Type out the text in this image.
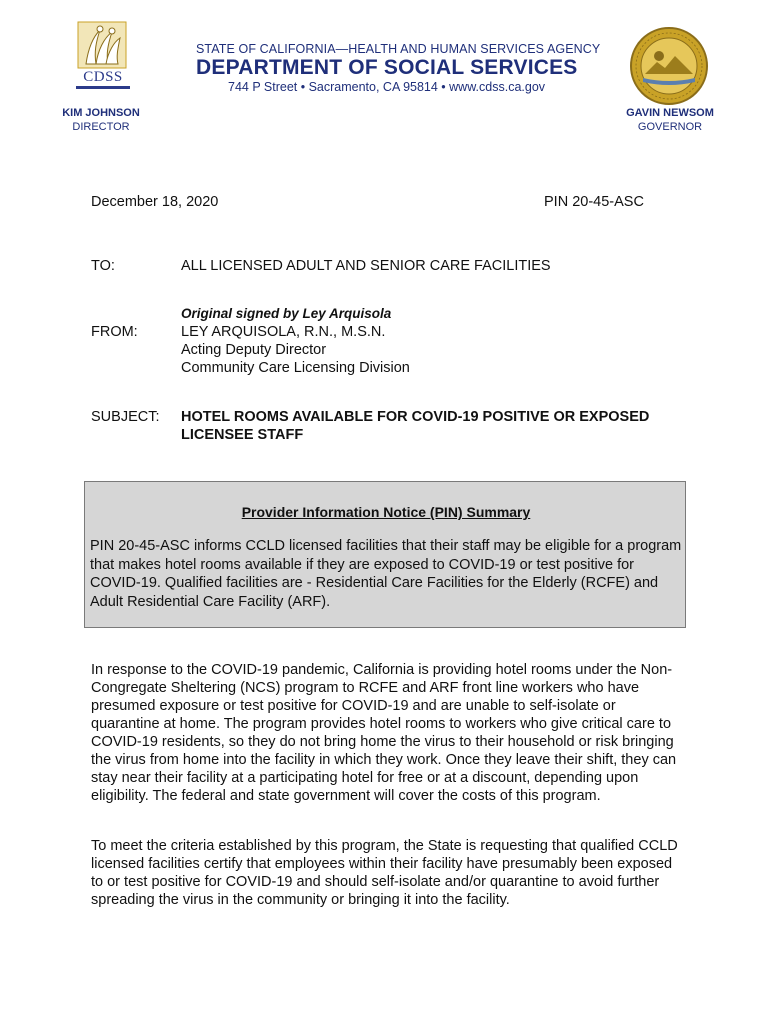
CDSS
STATE OF CALIFORNIA—HEALTH AND HUMAN SERVICES AGENCY
DEPARTMENT OF SOCIAL SERVICES
744 P Street • Sacramento, CA 95814 • www.cdss.ca.gov
KIM JOHNSON
DIRECTOR
GAVIN NEWSOM
GOVERNOR
December 18, 2020	PIN 20-45-ASC
TO:	ALL LICENSED ADULT AND SENIOR CARE FACILITIES
Original signed by Ley Arquisola
FROM:	LEY ARQUISOLA, R.N., M.S.N.
Acting Deputy Director
Community Care Licensing Division
SUBJECT: HOTEL ROOMS AVAILABLE FOR COVID-19 POSITIVE OR EXPOSED LICENSEE STAFF
Provider Information Notice (PIN) Summary
PIN 20-45-ASC informs CCLD licensed facilities that their staff may be eligible for a program that makes hotel rooms available if they are exposed to COVID-19 or test positive for COVID-19. Qualified facilities are - Residential Care Facilities for the Elderly (RCFE) and Adult Residential Care Facility (ARF).
In response to the COVID-19 pandemic, California is providing hotel rooms under the Non-Congregate Sheltering (NCS) program to RCFE and ARF front line workers who have presumed exposure or test positive for COVID-19 and are unable to self-isolate or quarantine at home. The program provides hotel rooms to workers who give critical care to COVID-19 residents, so they do not bring home the virus to their household or risk bringing the virus from home into the facility in which they work. Once they leave their shift, they can stay near their facility at a participating hotel for free or at a discount, depending upon eligibility. The federal and state government will cover the costs of this program.
To meet the criteria established by this program, the State is requesting that qualified CCLD licensed facilities certify that employees within their facility have presumably been exposed to or test positive for COVID-19 and should self-isolate and/or quarantine to avoid further spreading the virus in the community or bringing it into the facility.
